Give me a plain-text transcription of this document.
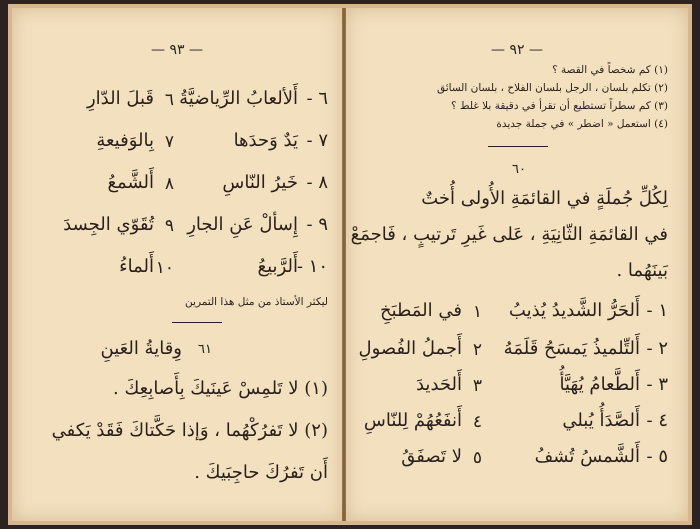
— ٩٣ —
٦ -
أَلألعابُ الرِّياضيَّةُ
٦
قَبلَ الدّارِ
٧ -
يَدٌ وَحدَها
٧
بِالوَفيعةِ
٨ -
خَيرُ النّاسِ
٨
أَلشَّمعُ
٩ -
إِسألْ عَنِ الجارِ
٩
تُقَوّي الجِسدَ
١٠ -
أَلرَّبيعُ
١٠
أَلماءُ
ليكثر الأستاذ من مثل هذا التمرين
٦١
وِقايةُ العَينِ
(١) لا تَلمِسْ عَينَيكَ بِأَصابِعِكَ .
(٢) لا تَفرُكْهُما ، وَإذا حَكَّتاكَ فَقَدْ يَكفي
أَن تَفرُكَ حاجِبَيكَ .
— ٩٢ —
(١) كم شخصاً في القصة ؟
(٢) تكلم بلسان ، الرجل بلسان الفلاح ، بلسان السائق
(٣) كم سطراً تستطيع أن تقرأ في دقيقة بلا غلط ؟
(٤) استعمل « اضطر » في جملة جديدة
٦٠
لِكُلِّ جُملَةٍ في القائمَةِ الأُولى أُختٌ
في القائمَةِ الثّانِيَةِ ، عَلى غَيرِ تَرتيبٍ ، فَاجمَعْ
بَينَهُما .
١ -
أَلحَرُّ الشَّديدُ يُذيبُ
١
في المَطبَخِ
٢ -
أَلتِّلميذُ يَمسَحُ قَلَمَهُ
٢
أَجملُ الفُصولِ
٣ -
أَلطَّعامُ يُهَيَّأُ
٣
أَلحَديدَ
٤ -
أَلصَّدَأُ يُبلي
٤
أَنفَعُهُمْ لِلنّاسِ
٥ -
أَلشَّمسُ تُشفُ
٥
لا تَصفَقُ
